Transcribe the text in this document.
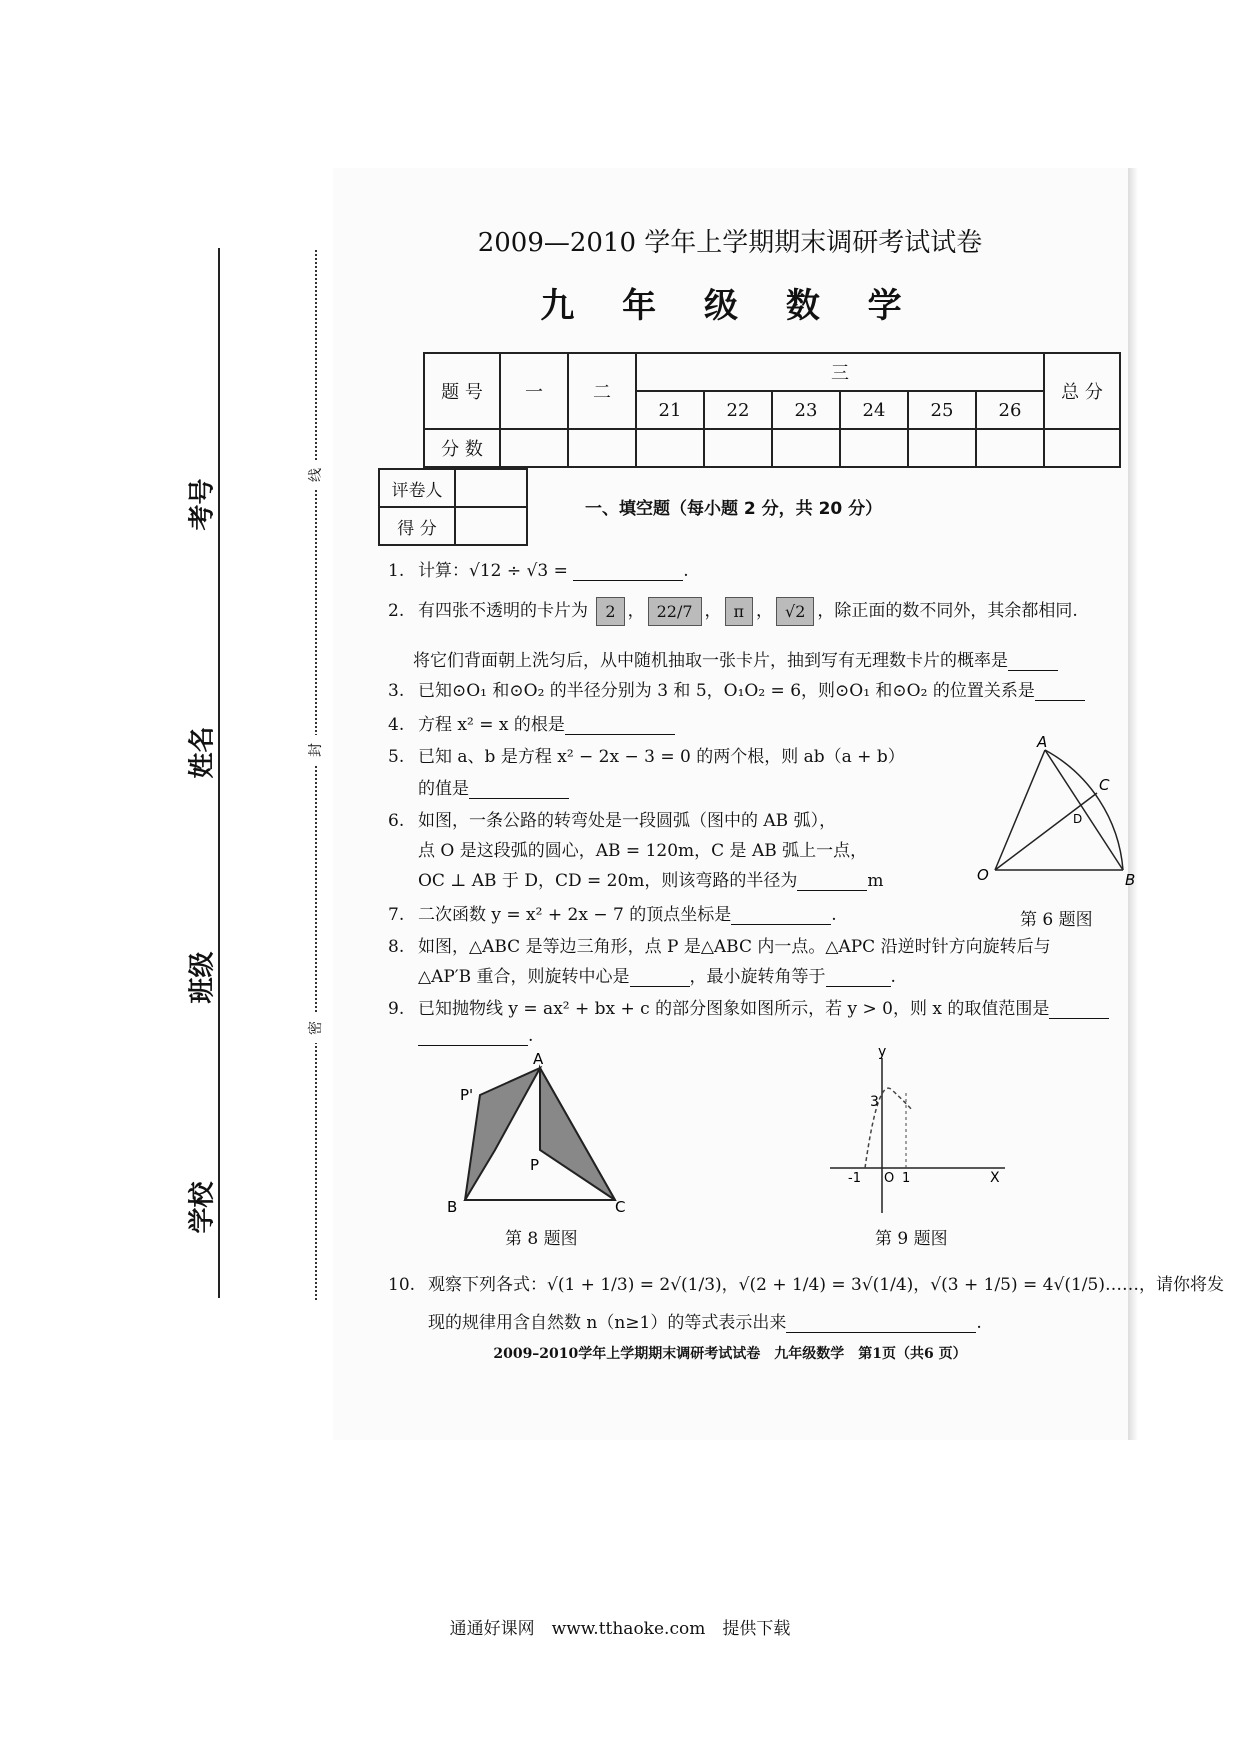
考号
姓名
班级
学校
线
封
密
2009—2010 学年上学期期末调研考试试卷
九 年 级 数 学
题 号	一	二	三						总 分
			21	22	23	24	25	26	
分 数									
评卷人	
得 分	
一、填空题（每小题 2 分，共 20 分）
1. 计算：√12 ÷ √3 =	.
2. 有四张不透明的卡片为 2 ， 22/7 ， π ， √2 ，除正面的数不同外，其余都相同.
将它们背面朝上洗匀后，从中随机抽取一张卡片，抽到写有无理数卡片的概率是
3. 已知⊙O₁ 和⊙O₂ 的半径分别为 3 和 5，O₁O₂ = 6，则⊙O₁ 和⊙O₂ 的位置关系是
4. 方程 x² = x 的根是
5. 已知 a、b 是方程 x² − 2x − 3 = 0 的两个根，则 ab（a + b）
的值是
6. 如图，一条公路的转弯处是一段圆弧（图中的 AB 弧），
点 O 是这段弧的圆心，AB = 120m，C 是 AB 弧上一点，
OC ⊥ AB 于 D，CD = 20m，则该弯路的半径为	m
7. 二次函数 y = x² + 2x − 7 的顶点坐标是	.
8. 如图，△ABC 是等边三角形，点 P 是△ABC 内一点。△APC 沿逆时针方向旋转后与
△AP′B 重合，则旋转中心是	，最小旋转角等于	.
9. 已知抛物线 y = ax² + bx + c 的部分图象如图所示，若 y > 0，则 x 的取值范围是
.
10. 观察下列各式：√(1 + 1/3) = 2√(1/3)，√(2 + 1/4) = 3√(1/4)，√(3 + 1/5) = 4√(1/5)……，请你将发
现的规律用含自然数 n（n≥1）的等式表示出来	.
A
B
C
D
O
第 6 题图
A
B	C
P
P'
第 8 题图
y
X
3
O
-1	1
第 9 题图
2009–2010学年上学期期末调研考试试卷　九年级数学　第1页（共6 页）
通通好课网　www.tthaoke.com　提供下载
